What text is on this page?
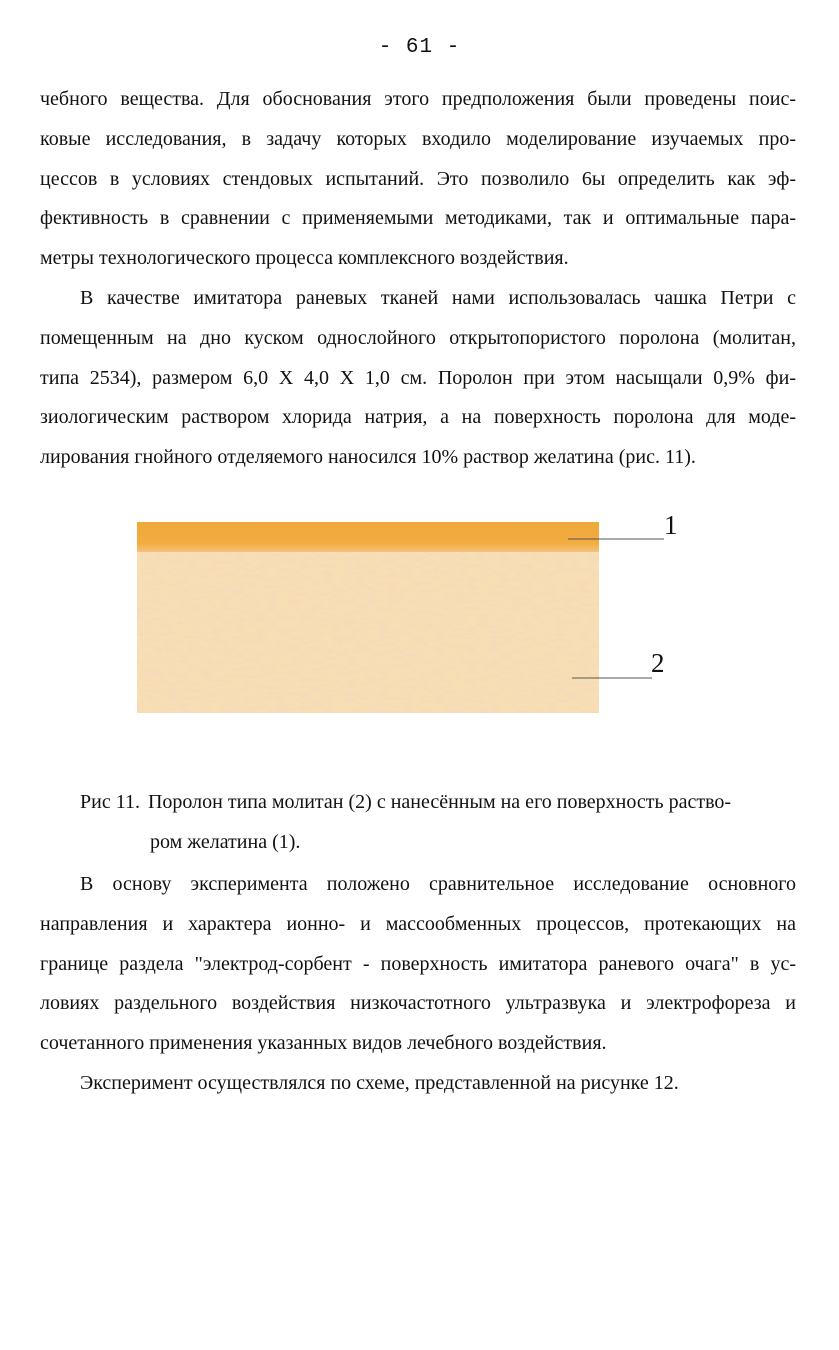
- 61 -
чебного вещества. Для обоснования этого предположения были проведены поис-
ковые исследования, в задачу которых входило моделирование изучаемых про-
цессов в условиях стендовых испытаний. Это позволило 6ы определить как эф-
фективность в сравнении с применяемыми методиками, так и оптимальные пара-
метры технологического процесса комплексного воздействия.
В качестве имитатора раневых тканей нами использовалась чашка Петри с
помещенным на дно куском однослойного открытопористого поролона (молитан,
типа 2534), размером 6,0 X 4,0 X 1,0 см. Поролон при этом насыщали 0,9% фи-
зиологическим раствором хлорида натрия, а на поверхность поролона для моде-
лирования гнойного отделяемого наносился 10% раствор желатина (рис. 11).
1
2
Рис 11. Поролон типа молитан (2) с нанесённым на его поверхность раство-
ром желатина (1).
В основу эксперимента положено сравнительное исследование основного
направления и характера ионно- и массообменных процессов, протекающих на
границе раздела "электрод-сорбент - поверхность имитатора раневого очага" в ус-
ловиях раздельного воздействия низкочастотного ультразвука и электрофореза и
сочетанного применения указанных видов лечебного воздействия.
Эксперимент осуществлялся по схеме, представленной на рисунке 12.
